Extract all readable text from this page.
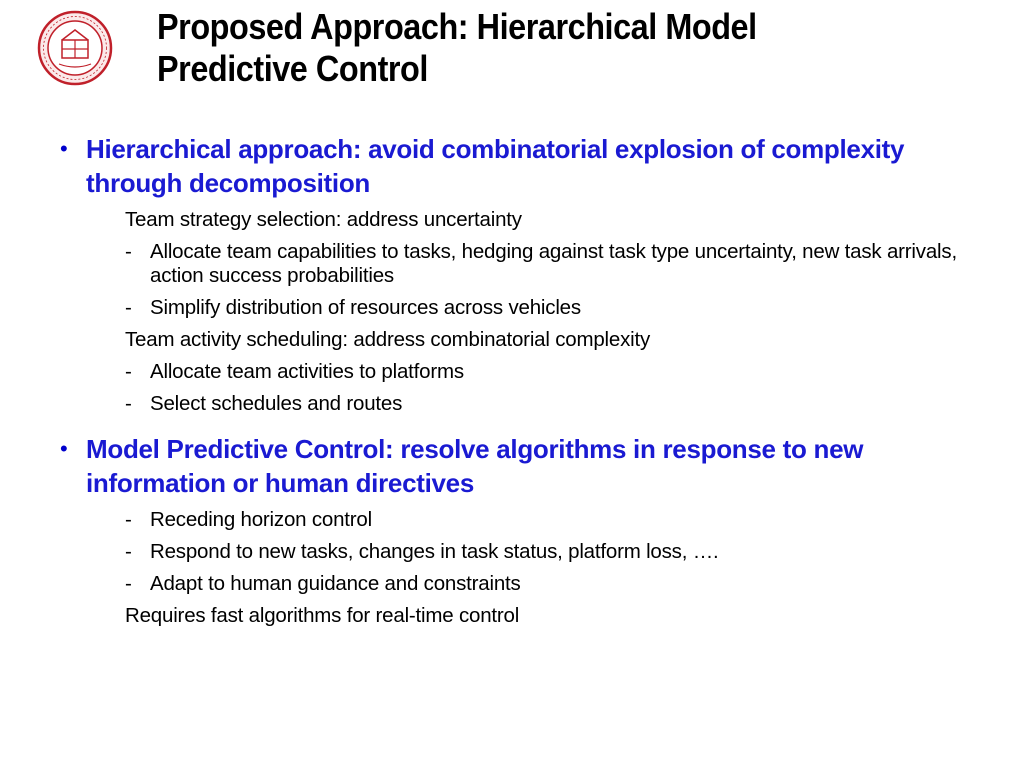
Proposed Approach: Hierarchical Model Predictive Control
• Hierarchical approach: avoid combinatorial explosion of complexity through decomposition
Team strategy selection: address uncertainty
- Allocate team capabilities to tasks, hedging against task type uncertainty, new task arrivals, action success probabilities
- Simplify distribution of resources across vehicles
Team activity scheduling: address combinatorial complexity
- Allocate team activities to platforms
- Select schedules and routes
• Model Predictive Control: resolve algorithms in response to new information or human directives
- Receding horizon control
- Respond to new tasks, changes in task status, platform loss, ….
- Adapt to human guidance and constraints
Requires fast algorithms for real-time control
